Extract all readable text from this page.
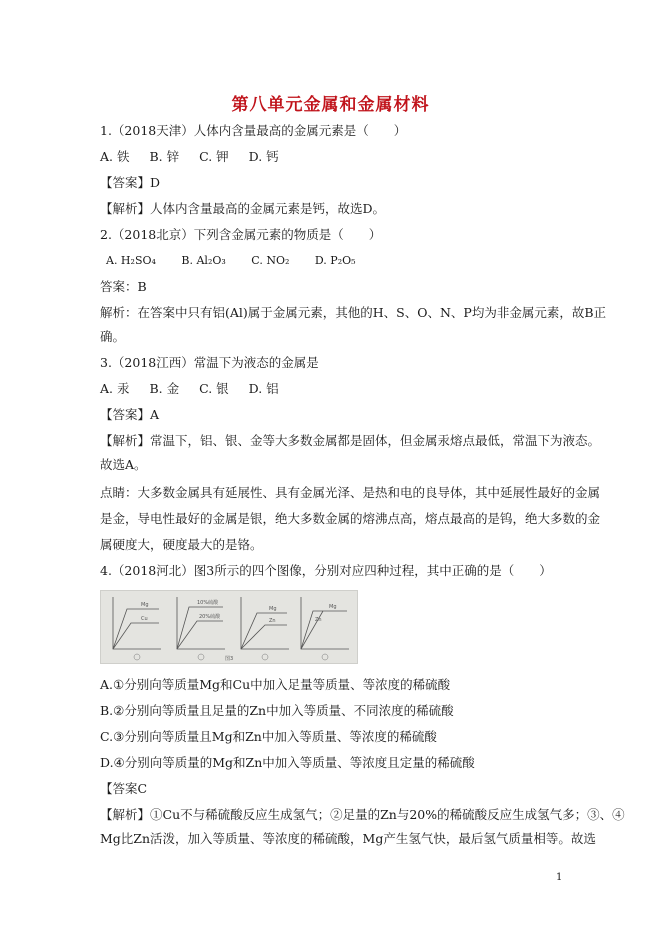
第八单元金属和金属材料
1.（2018天津）人体内含量最高的金属元素是（　　）
A. 铁 B. 锌 C. 钾 D. 钙
【答案】D
【解析】人体内含量最高的金属元素是钙，故选D。
2.（2018北京）下列含金属元素的物质是（　　）
A. H₂SO₄ B. Al₂O₃ C. NO₂ D. P₂O₅
答案：B
解析：在答案中只有铝(Al)属于金属元素，其他的H、S、O、N、P均为非金属元素，故B正
确。
3.（2018江西）常温下为液态的金属是
A. 汞 B. 金 C. 银 D. 铝
【答案】A
【解析】常温下，铝、银、金等大多数金属都是固体，但金属汞熔点最低，常温下为液态。
故选A。
点睛：大多数金属具有延展性、具有金属光泽、是热和电的良导体，其中延展性最好的金属
是金，导电性最好的金属是银，绝大多数金属的熔沸点高，熔点最高的是钨，绝大多数的金
属硬度大，硬度最大的是铬。
4.（2018河北）图3所示的四个图像，分别对应四种过程，其中正确的是（　　）
Mg
Cu
10%硫酸
20%硫酸
Mg
Zn
Mg
Zn
图3
A.①分别向等质量Mg和Cu中加入足量等质量、等浓度的稀硫酸
B.②分别向等质量且足量的Zn中加入等质量、不同浓度的稀硫酸
C.③分别向等质量且Mg和Zn中加入等质量、等浓度的稀硫酸
D.④分别向等质量的Mg和Zn中加入等质量、等浓度且定量的稀硫酸
【答案C
【解析】①Cu不与稀硫酸反应生成氢气；②足量的Zn与20%的稀硫酸反应生成氢气多；③、④
Mg比Zn活泼，加入等质量、等浓度的稀硫酸，Mg产生氢气快，最后氢气质量相等。故选
1
